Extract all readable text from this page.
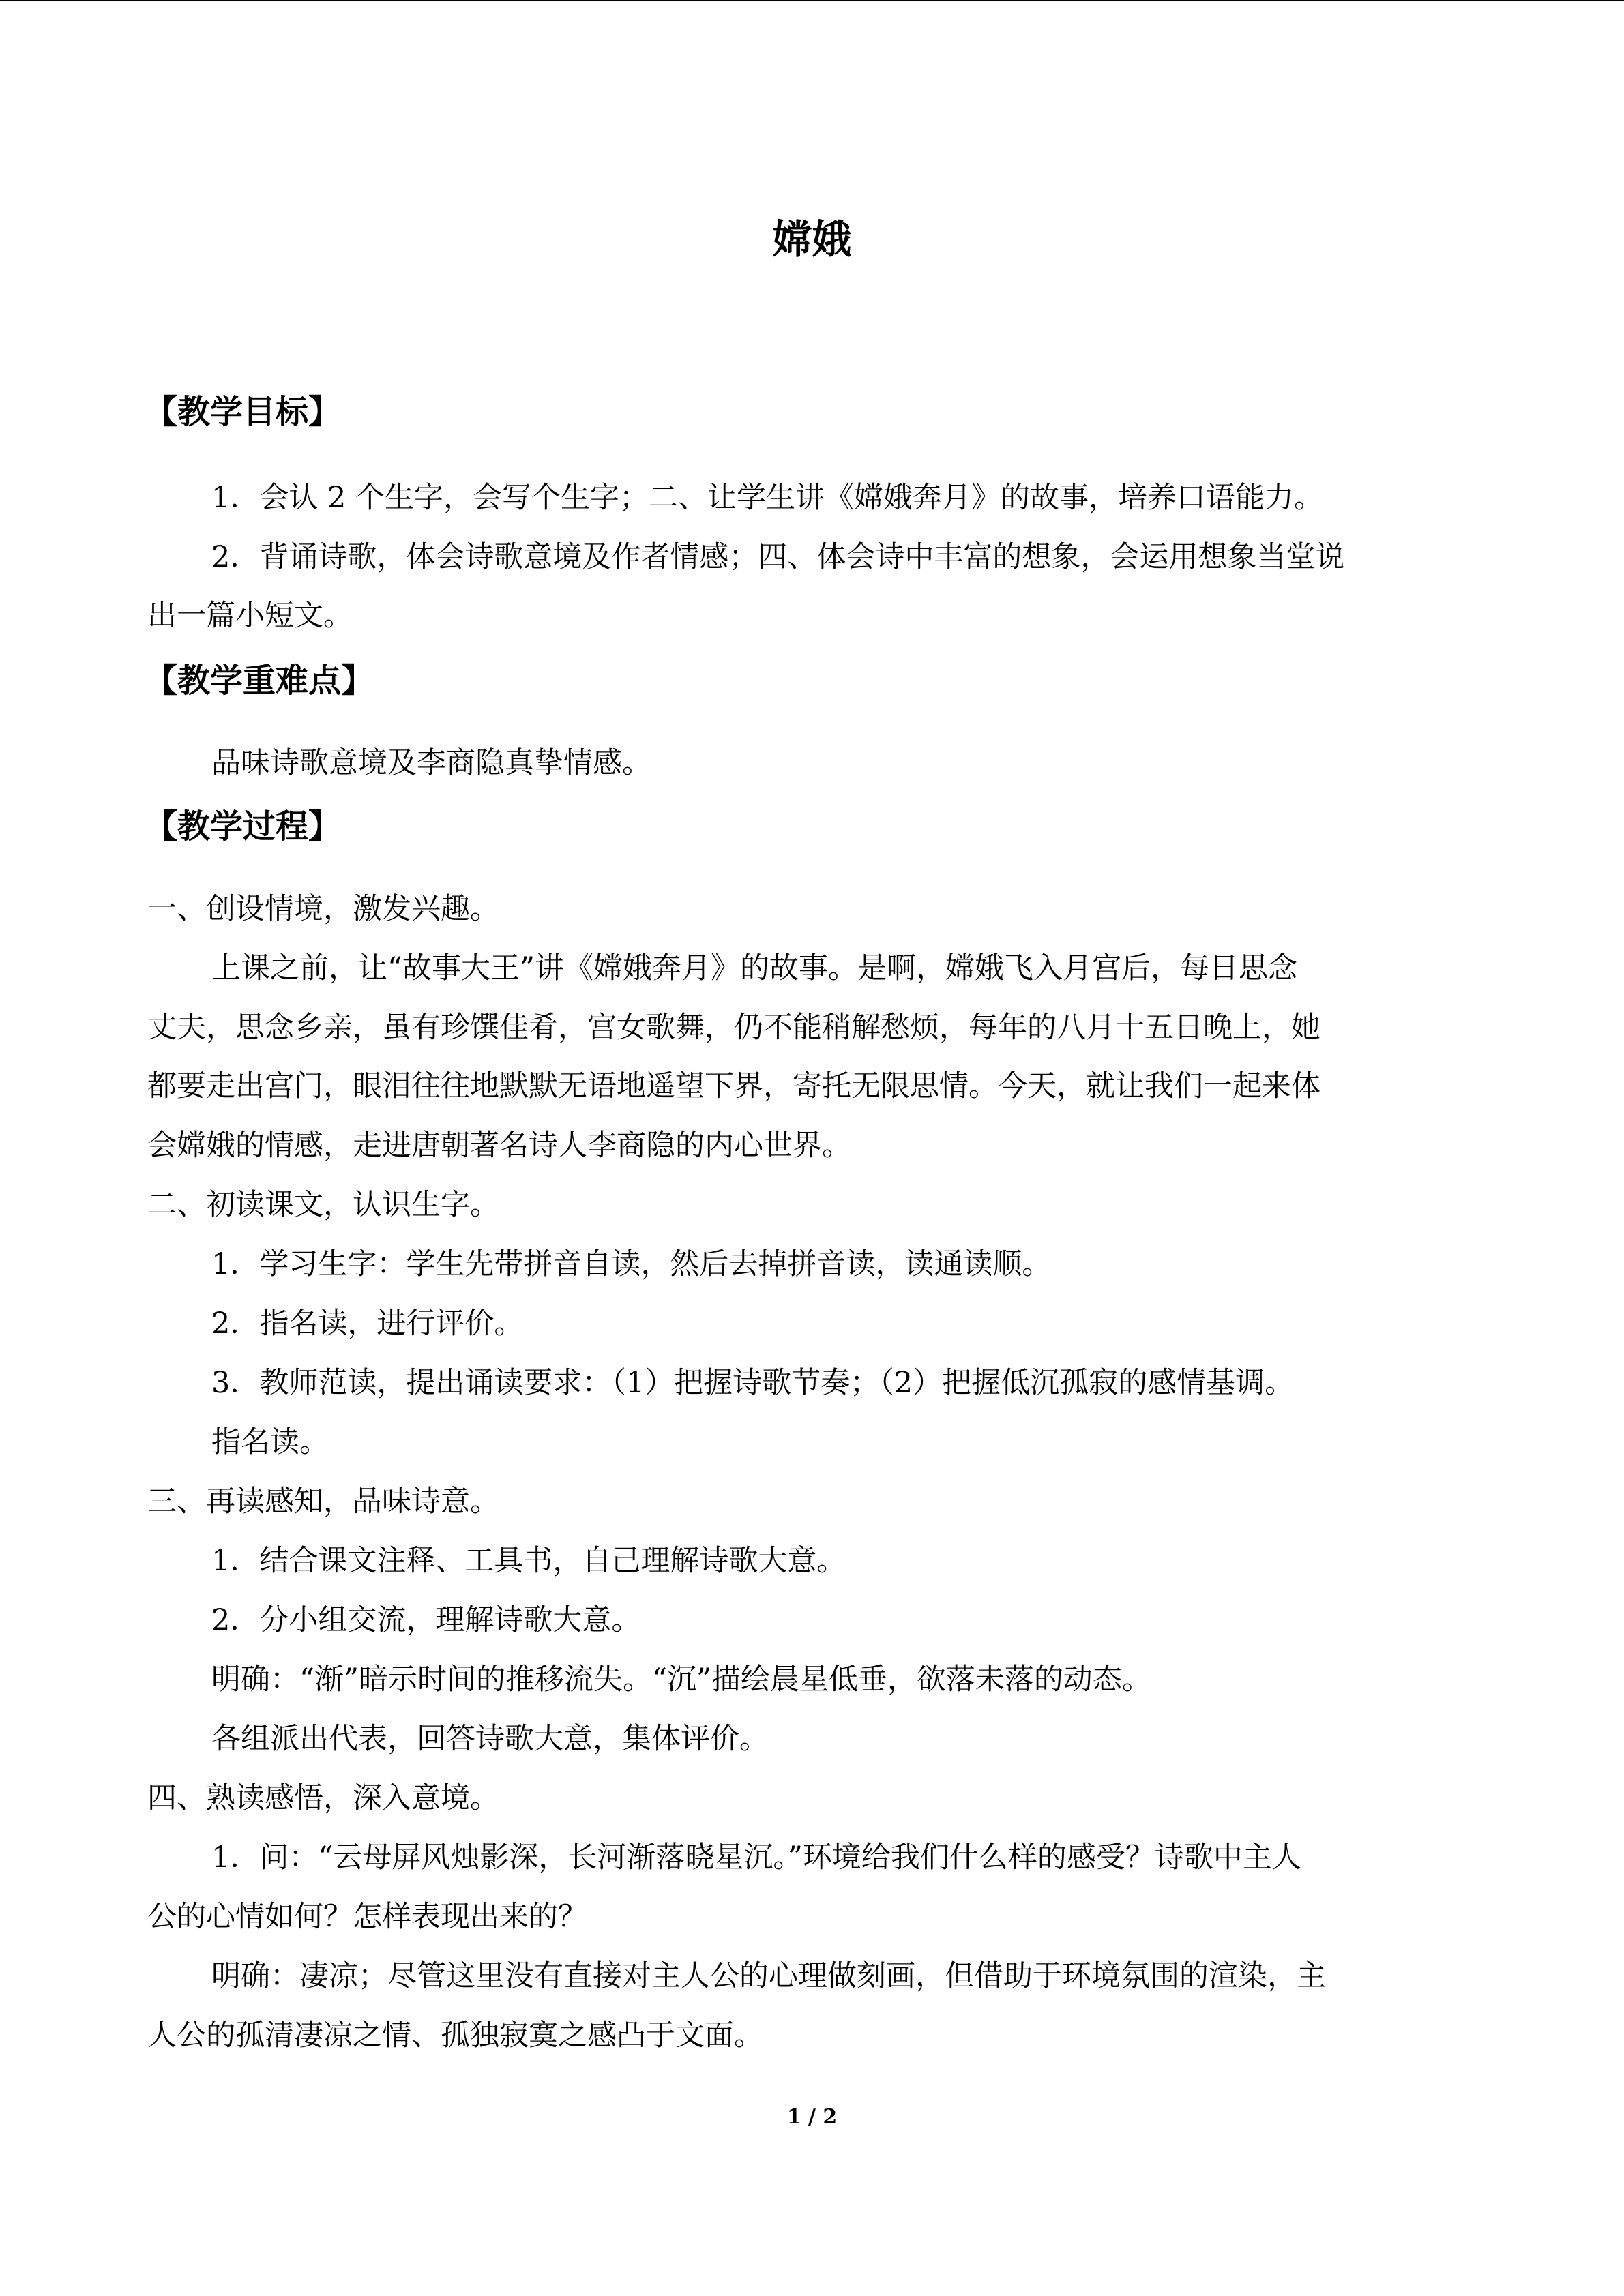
嫦娥
【教学目标】
1．会认 2 个生字，会写个生字；二、让学生讲《嫦娥奔月》的故事，培养口语能力。
2．背诵诗歌，体会诗歌意境及作者情感；四、体会诗中丰富的想象，会运用想象当堂说
出一篇小短文。
【教学重难点】
品味诗歌意境及李商隐真挚情感。
【教学过程】
一、创设情境，激发兴趣。
上课之前，让“故事大王”讲《嫦娥奔月》的故事。是啊，嫦娥飞入月宫后，每日思念
丈夫，思念乡亲，虽有珍馔佳肴，宫女歌舞，仍不能稍解愁烦，每年的八月十五日晚上，她
都要走出宫门，眼泪往往地默默无语地遥望下界，寄托无限思情。今天，就让我们一起来体
会嫦娥的情感，走进唐朝著名诗人李商隐的内心世界。
二、初读课文，认识生字。
1．学习生字：学生先带拼音自读，然后去掉拼音读，读通读顺。
2．指名读，进行评价。
3．教师范读，提出诵读要求：（1）把握诗歌节奏；（2）把握低沉孤寂的感情基调。
指名读。
三、再读感知，品味诗意。
1．结合课文注释、工具书，自己理解诗歌大意。
2．分小组交流，理解诗歌大意。
明确：“渐”暗示时间的推移流失。“沉”描绘晨星低垂，欲落未落的动态。
各组派出代表，回答诗歌大意，集体评价。
四、熟读感悟，深入意境。
1．问：“云母屏风烛影深，长河渐落晓星沉。”环境给我们什么样的感受？诗歌中主人
公的心情如何？怎样表现出来的？
明确：凄凉；尽管这里没有直接对主人公的心理做刻画，但借助于环境氛围的渲染，主
人公的孤清凄凉之情、孤独寂寞之感凸于文面。
1 / 2
